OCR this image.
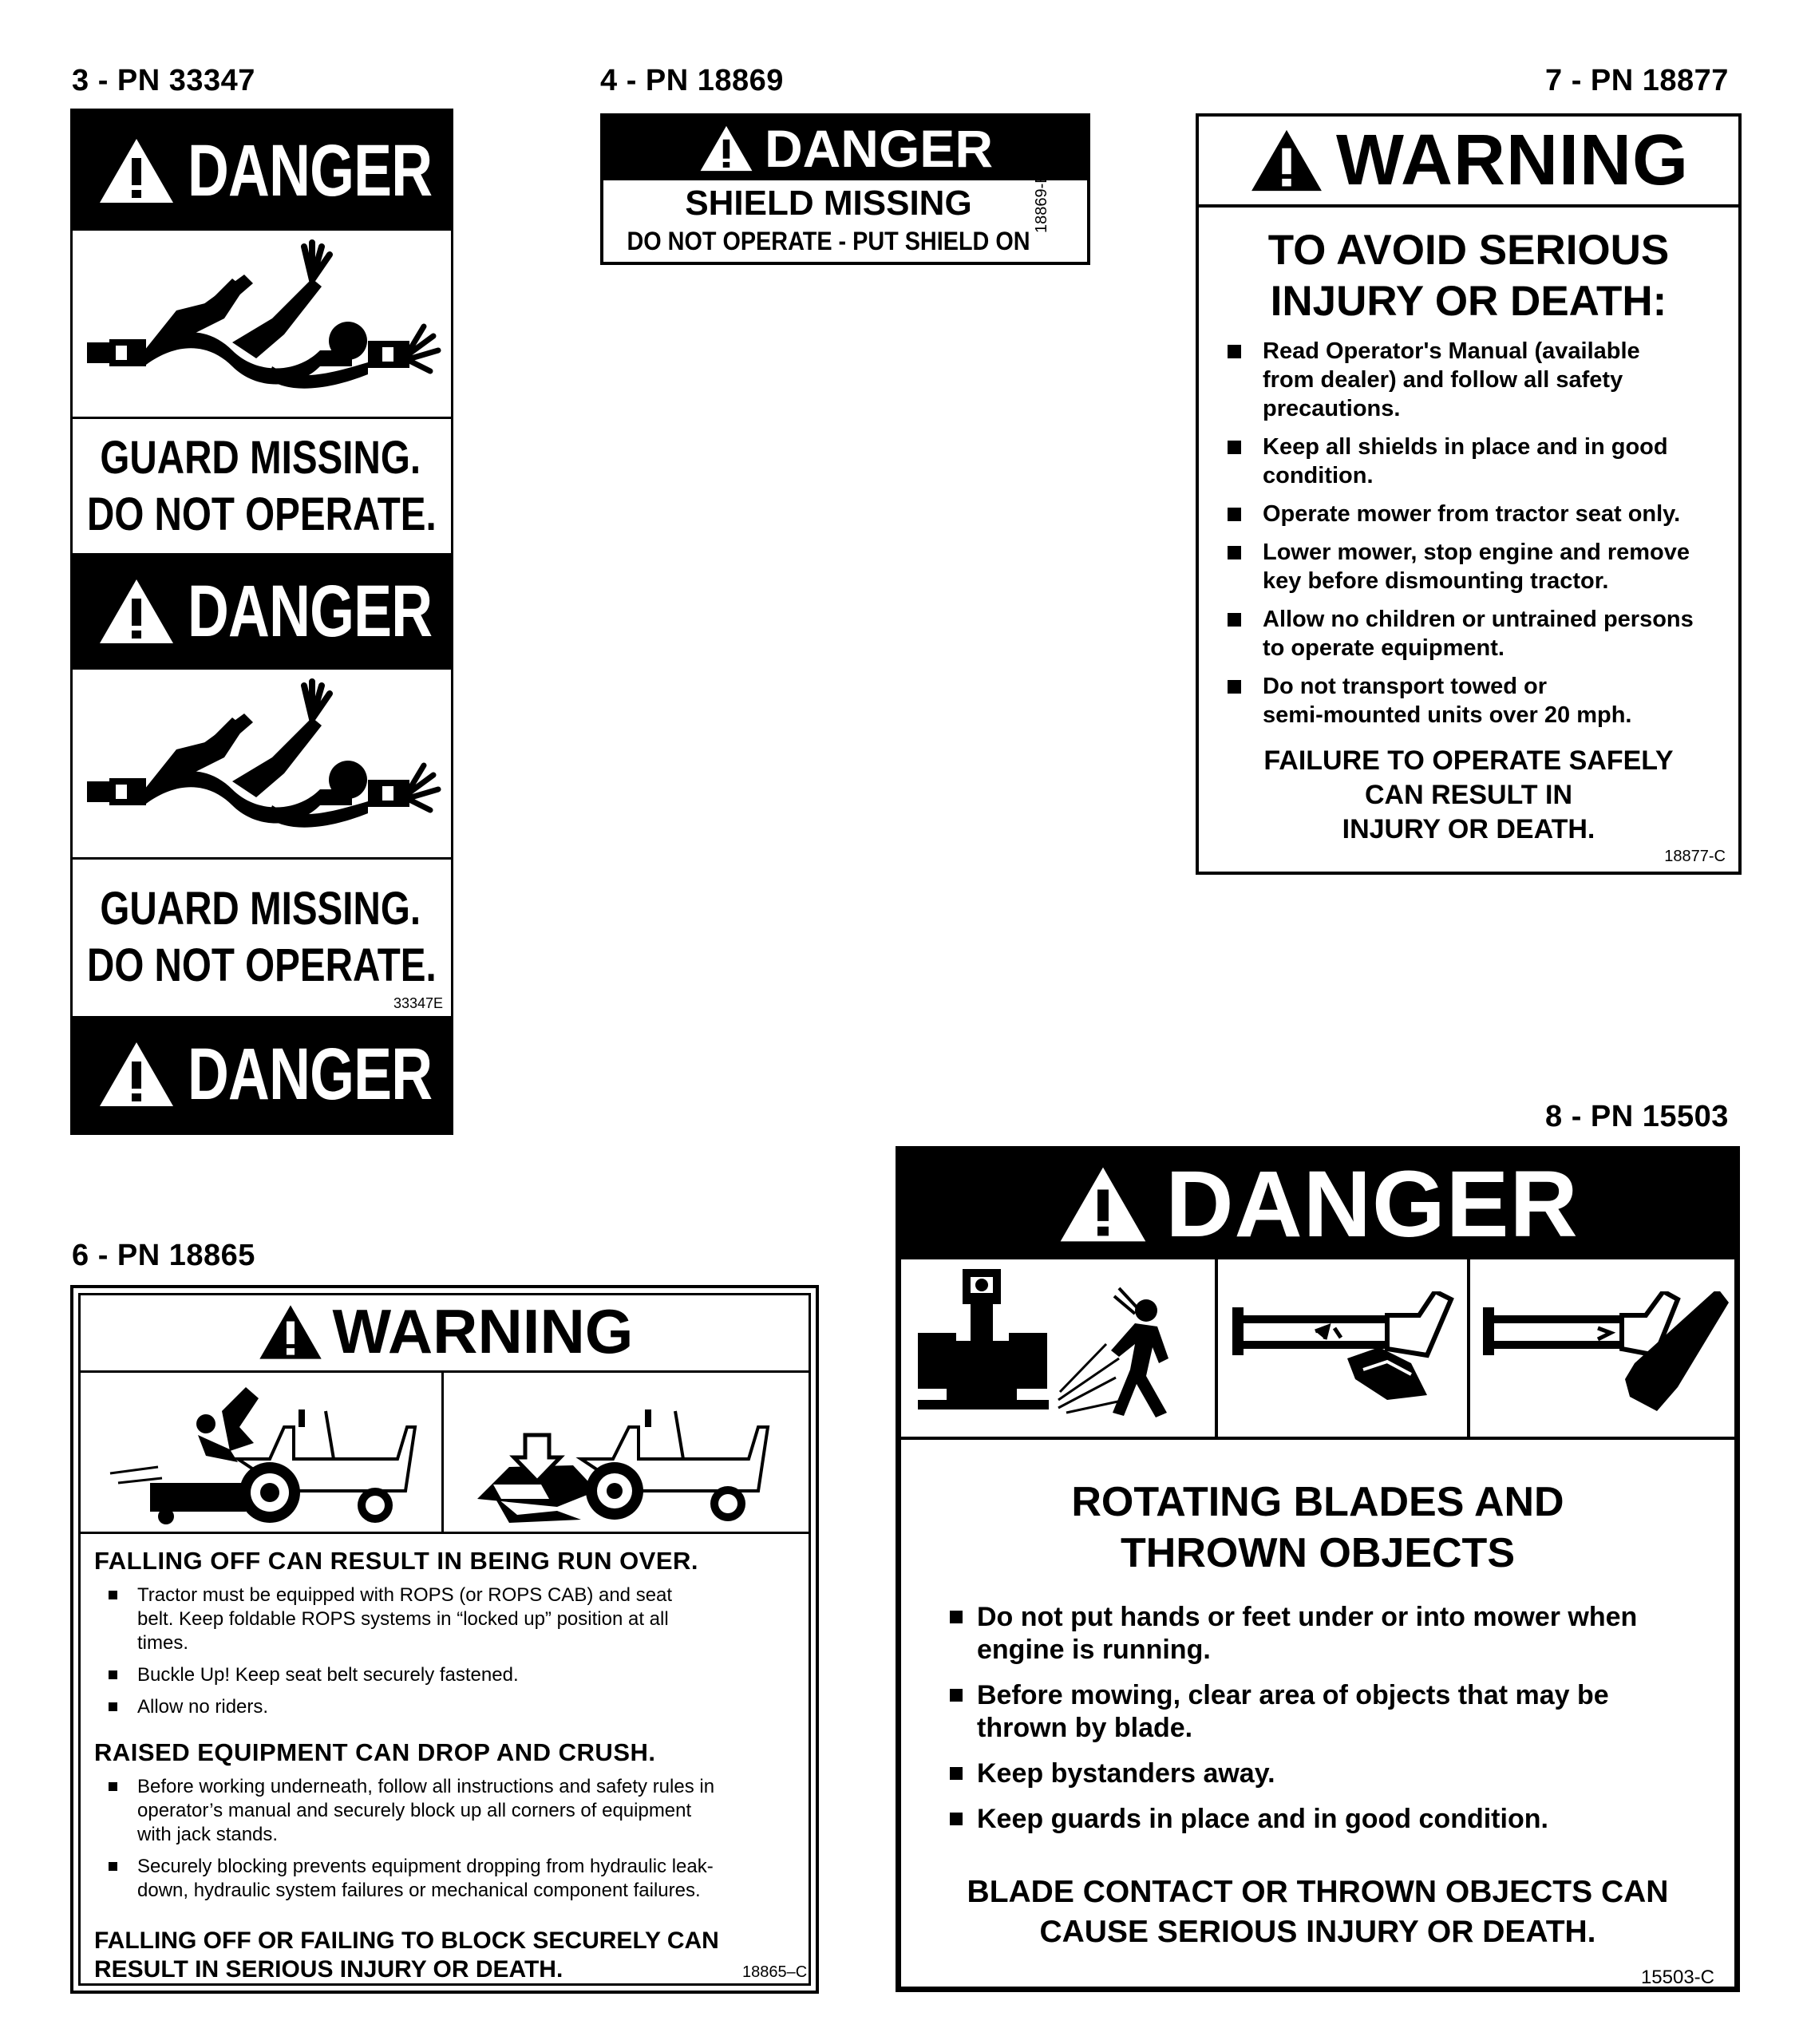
3 - PN 33347
DANGER
GUARD MISSING.
DO NOT OPERATE.
DANGER
GUARD MISSING.
DO NOT OPERATE.
33347E
DANGER
4 - PN 18869
DANGER
SHIELD MISSING
DO NOT OPERATE - PUT SHIELD ON
18869-B
7 - PN 18877
WARNING
TO AVOID SERIOUS
INJURY OR DEATH:
Read Operator's Manual (available
from dealer) and follow all safety
precautions.
Keep all shields in place and in good
condition.
Operate mower from tractor seat only.
Lower mower, stop engine and remove
key before dismounting tractor.
Allow no children or untrained persons
to operate equipment.
Do not transport towed or
semi-mounted units over 20 mph.
FAILURE TO OPERATE SAFELY
CAN RESULT IN
INJURY OR DEATH.
18877-C
6 - PN 18865
WARNING
FALLING OFF CAN RESULT IN BEING RUN OVER.
Tractor must be equipped with ROPS (or ROPS CAB) and seat
belt. Keep foldable ROPS systems in “locked up” position at all
times.
Buckle Up! Keep seat belt securely fastened.
Allow no riders.
RAISED EQUIPMENT CAN DROP AND CRUSH.
Before working underneath, follow all instructions and safety rules in
operator’s manual and securely block up all corners of equipment
with jack stands.
Securely blocking prevents equipment dropping from hydraulic leak-
down, hydraulic system failures or mechanical component failures.
FALLING OFF OR FAILING TO BLOCK SECURELY CAN
RESULT IN SERIOUS INJURY OR DEATH.	18865–C
8 - PN 15503
DANGER
ROTATING BLADES AND
THROWN OBJECTS
Do not put hands or feet under or into mower when
engine is running.
Before mowing, clear area of objects that may be
thrown by blade.
Keep bystanders away.
Keep guards in place and in good condition.
BLADE CONTACT OR THROWN OBJECTS CAN
CAUSE SERIOUS INJURY OR DEATH.
15503-C
